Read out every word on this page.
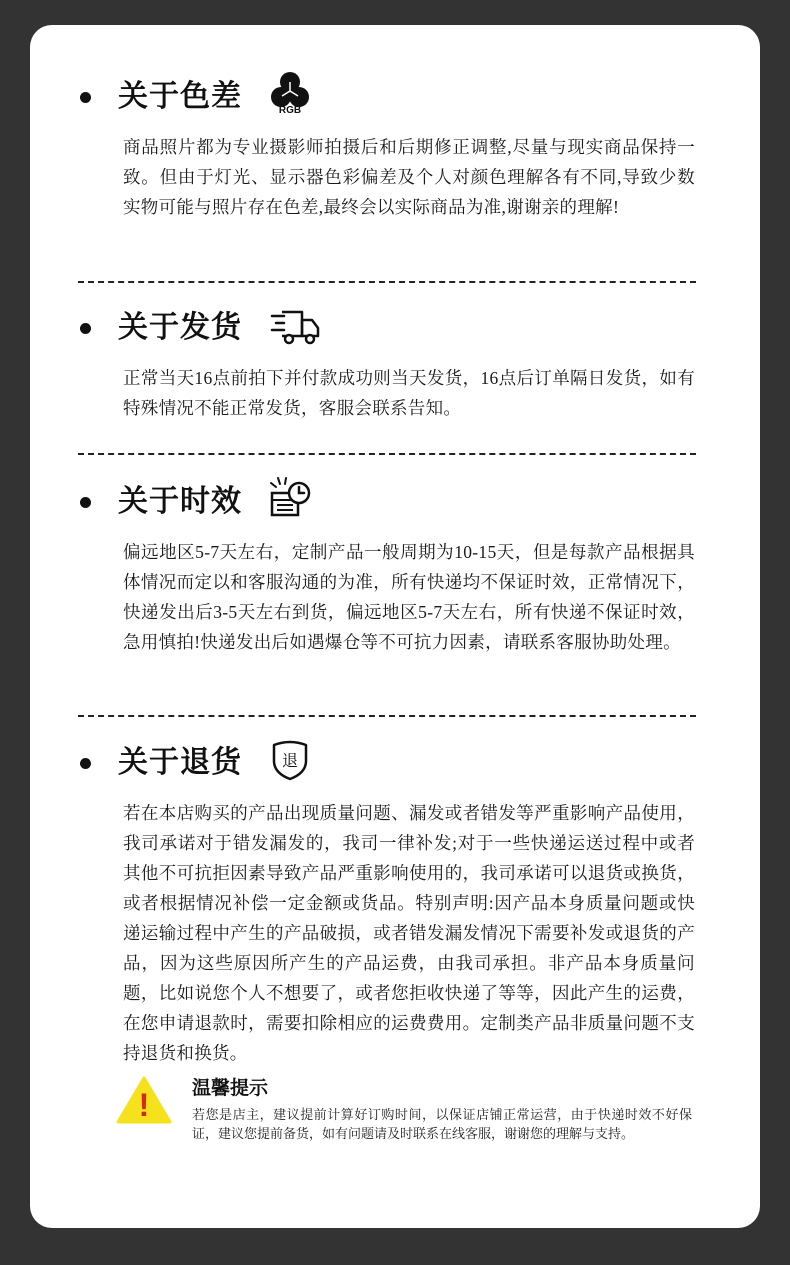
关于色差	RGB
商品照片都为专业摄影师拍摄后和后期修正调整,尽量与现实商品保持一致。但由于灯光、显示器色彩偏差及个人对颜色理解各有不同,导致少数实物可能与照片存在色差,最终会以实际商品为准,谢谢亲的理解!
关于发货
正常当天16点前拍下并付款成功则当天发货，16点后订单隔日发货，如有特殊情况不能正常发货，客服会联系告知。
关于时效
偏远地区5-7天左右，定制产品一般周期为10-15天，但是每款产品根据具体情况而定以和客服沟通的为准，所有快递均不保证时效，正常情况下，快递发出后3-5天左右到货，偏远地区5-7天左右，所有快递不保证时效，急用慎拍!快递发出后如遇爆仓等不可抗力因素，请联系客服协助处理。
关于退货 退
若在本店购买的产品出现质量问题、漏发或者错发等严重影响产品使用，我司承诺对于错发漏发的，我司一律补发;对于一些快递运送过程中或者其他不可抗拒因素导致产品严重影响使用的，我司承诺可以退货或换货，或者根据情况补偿一定金额或货品。特别声明:因产品本身质量问题或快递运输过程中产生的产品破损，或者错发漏发情况下需要补发或退货的产品，因为这些原因所产生的产品运费，由我司承担。非产品本身质量问题，比如说您个人不想要了，或者您拒收快递了等等，因此产生的运费，在您申请退款时，需要扣除相应的运费费用。定制类产品非质量问题不支持退货和换货。
! 温馨提示
若您是店主，建议提前计算好订购时间，以保证店铺正常运营，由于快递时效不好保证，建议您提前备货，如有问题请及时联系在线客服，谢谢您的理解与支持。
